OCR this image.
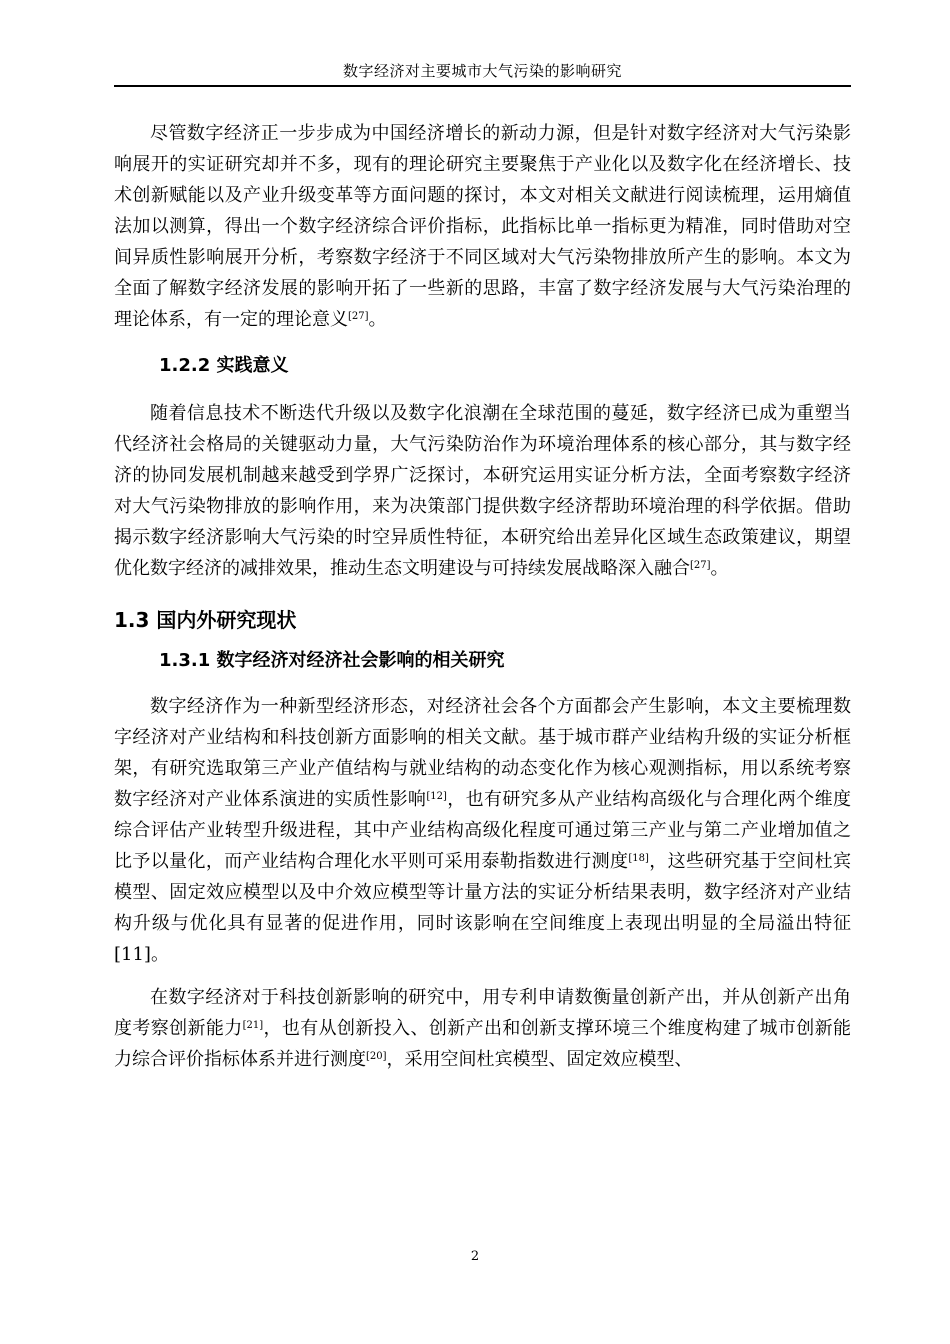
数字经济对主要城市大气污染的影响研究

尽管数字经济正一步步成为中国经济增长的新动力源，但是针对数字经济对大气污染影响展开的实证研究却并不多，现有的理论研究主要聚焦于产业化以及数字化在经济增长、技术创新赋能以及产业升级变革等方面问题的探讨，本文对相关文献进行阅读梳理，运用熵值法加以测算，得出一个数字经济综合评价指标，此指标比单一指标更为精准，同时借助对空间异质性影响展开分析，考察数字经济于不同区域对大气污染物排放所产生的影响。本文为全面了解数字经济发展的影响开拓了一些新的思路，丰富了数字经济发展与大气污染治理的理论体系，有一定的理论意义[27]。

1.2.2 实践意义

随着信息技术不断迭代升级以及数字化浪潮在全球范围的蔓延，数字经济已成为重塑当代经济社会格局的关键驱动力量，大气污染防治作为环境治理体系的核心部分，其与数字经济的协同发展机制越来越受到学界广泛探讨，本研究运用实证分析方法，全面考察数字经济对大气污染物排放的影响作用，来为决策部门提供数字经济帮助环境治理的科学依据。借助揭示数字经济影响大气污染的时空异质性特征，本研究给出差异化区域生态政策建议，期望优化数字经济的减排效果，推动生态文明建设与可持续发展战略深入融合[27]。

1.3 国内外研究现状
1.3.1 数字经济对经济社会影响的相关研究

数字经济作为一种新型经济形态，对经济社会各个方面都会产生影响，本文主要梳理数字经济对产业结构和科技创新方面影响的相关文献。基于城市群产业结构升级的实证分析框架，有研究选取第三产业产值结构与就业结构的动态变化作为核心观测指标，用以系统考察数字经济对产业体系演进的实质性影响[12]，也有研究多从产业结构高级化与合理化两个维度综合评估产业转型升级进程，其中产业结构高级化程度可通过第三产业与第二产业增加值之比予以量化，而产业结构合理化水平则可采用泰勒指数进行测度[18]，这些研究基于空间杜宾模型、固定效应模型以及中介效应模型等计量方法的实证分析结果表明，数字经济对产业结构升级与优化具有显著的促进作用，同时该影响在空间维度上表现出明显的全局溢出特征[11]。

在数字经济对于科技创新影响的研究中，用专利申请数衡量创新产出，并从创新产出角度考察创新能力[21]，也有从创新投入、创新产出和创新支撑环境三个维度构建了城市创新能力综合评价指标体系并进行测度[20]，采用空间杜宾模型、固定效应模型、

2
